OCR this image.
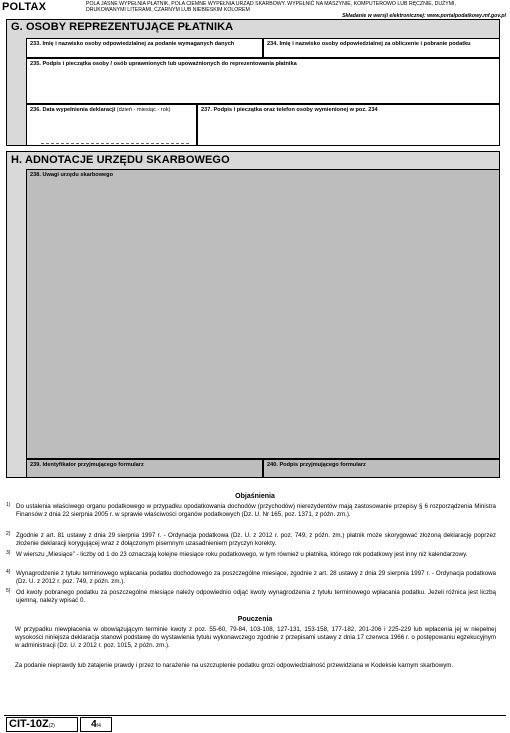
POLTAX	POLA JASNE WYPEŁNIA PŁATNIK, POLA CIEMNE WYPEŁNIA URZĄD SKARBOWY. WYPEŁNIĆ NA MASZYNIE, KOMPUTEROWO LUB RĘCZNIE, DUŻYMI,
DRUKOWANYMI LITERAMI, CZARNYM LUB NIEBIESKIM KOLOREM
Składanie w wersji elektronicznej: www.portalpodatkowy.mf.gov.pl
G. OSOBY REPREZENTUJĄCE PŁATNIKA
233. Imię i nazwisko osoby odpowiedzialnej za podanie wymaganych danych	234. Imię i nazwisko osoby odpowiedzialnej za obliczenie i pobranie podatku
235. Podpis i pieczątka osoby / osób uprawnionych lub upoważnionych do reprezentowania płatnika
236. Data wypełnienia deklaracji (dzień - miesiąc - rok)	237. Podpis i pieczątka oraz telefon osoby wymienionej w poz. 234
H. ADNOTACJE URZĘDU SKARBOWEGO
238. Uwagi urzędu skarbowego
239. Identyfikator przyjmującego formularz	240. Podpis przyjmującego formularz
Objaśnienia
1) Do ustalenia właściwego organu podatkowego w przypadku opodatkowania dochodów (przychodów) nierezydentów mają zastosowanie przepisy § 6 rozporządzenia Ministra Finansów z dnia 22 sierpnia 2005 r. w sprawie właściwości organów podatkowych (Dz. U. Nr 165, poz. 1371, z późn. zm.).
2) Zgodnie z art. 81 ustawy z dnia 29 sierpnia 1997 r. - Ordynacja podatkowa (Dz. U. z 2012 r. poz. 749, z późn. zm.) płatnik może skorygować złożoną deklarację poprzez złożenie deklaracji korygującej wraz z dołączonym pisemnym uzasadnieniem przyczyn korekty.
3) W wierszu „Miesiące” - liczby od 1 do 23 oznaczają kolejne miesiące roku podatkowego, w tym również u płatnika, którego rok podatkowy jest inny niż kalendarzowy.
4) Wynagrodzenie z tytułu terminowego wpłacania podatku dochodowego za poszczególne miesiące, zgodnie z art. 28 ustawy z dnia 29 sierpnia 1997 r. - Ordynacja podatkowa (Dz. U. z 2012 r. poz. 749, z późn. zm.).
5) Od kwoty pobranego podatku za poszczególne miesiące należy odpowiednio odjąć kwoty wynagrodzenia z tytułu terminowego wpłacania podatku. Jeżeli różnica jest liczbą ujemną, należy wpisać 0.
Pouczenia
W przypadku niewpłacenia w obowiązującym terminie kwoty z poz. 55-60, 79-84, 103-108, 127-131, 153-158, 177-182, 201-206 i 225-229 lub wpłacenia jej w niepełnej wysokości niniejsza deklaracja stanowi podstawę do wystawienia tytułu wykonawczego zgodnie z przepisami ustawy z dnia 17 czerwca 1966 r. o postępowaniu egzekucyjnym w administracji (Dz. U. z 2012 r. poz. 1015, z późn. zm.).
Za podanie nieprawdy lub zatajenie prawdy i przez to narażenie na uszczuplenie podatku grozi odpowiedzialność przewidziana w Kodeksie karnym skarbowym.
CIT-10Z(2)	4/4
